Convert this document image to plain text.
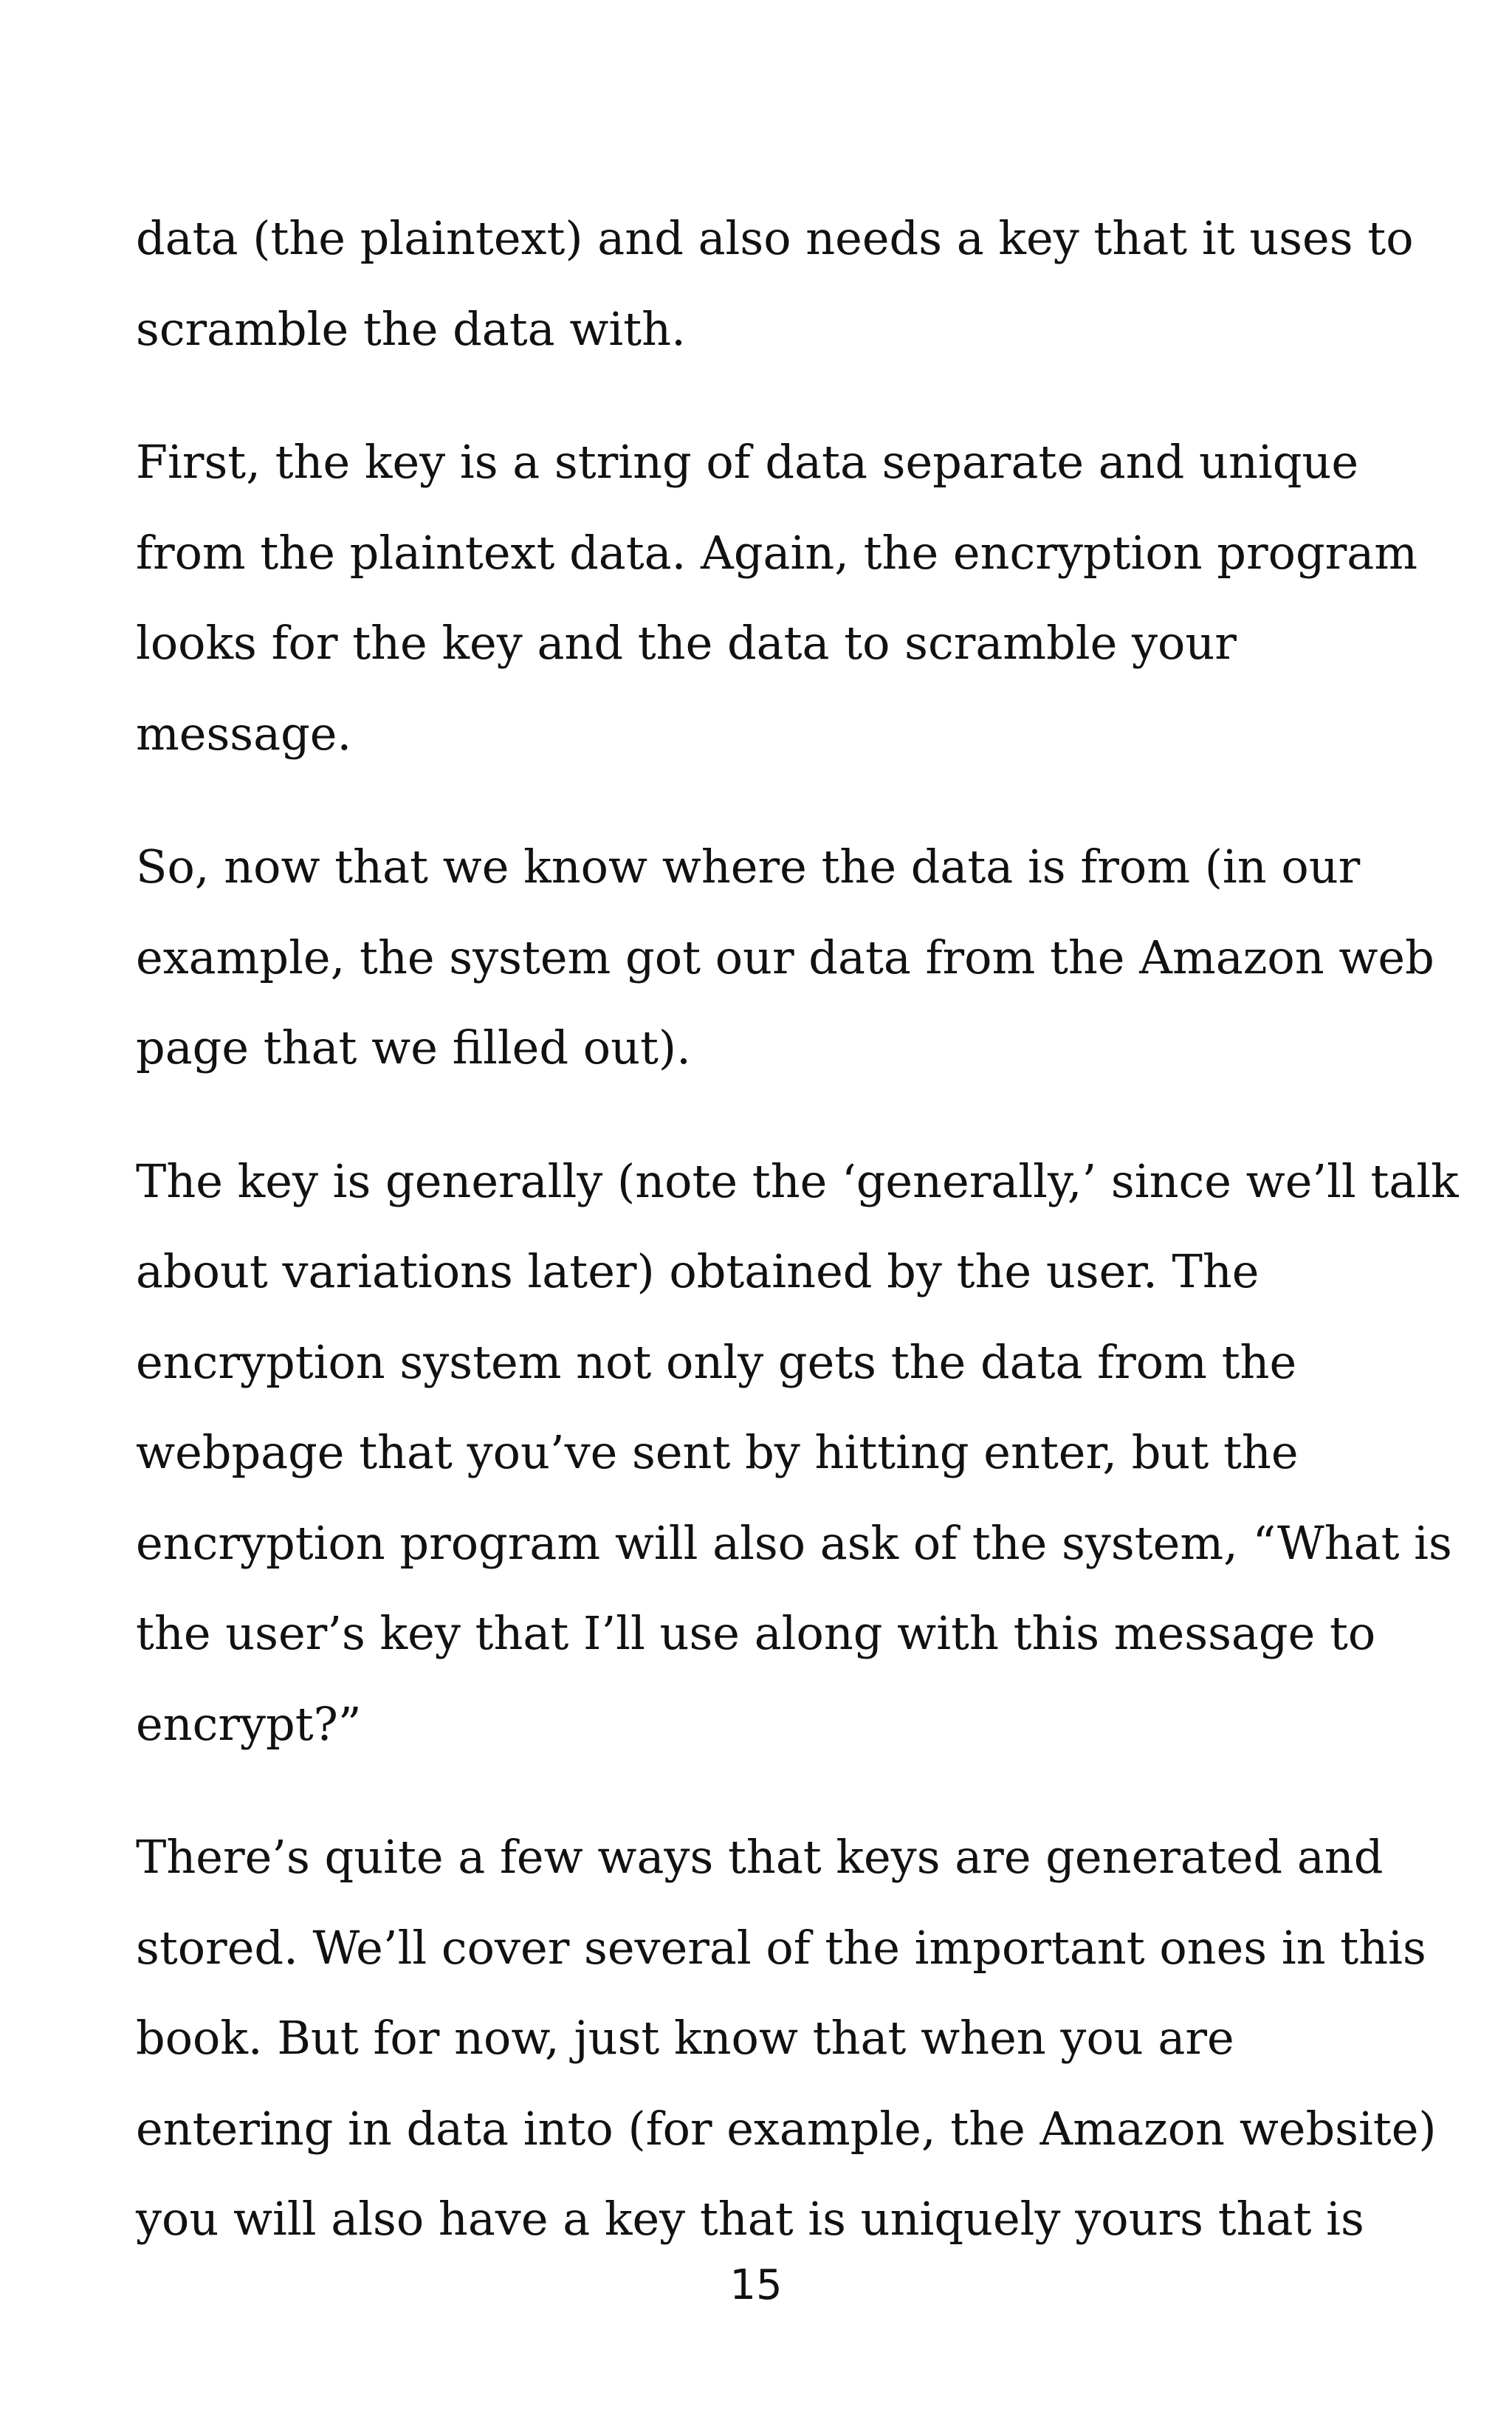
data (the plaintext) and also needs a key that it uses to
scramble the data with.

First, the key is a string of data separate and unique
from the plaintext data. Again, the encryption program
looks for the key and the data to scramble your
message.

So, now that we know where the data is from (in our
example, the system got our data from the Amazon web
page that we filled out).

The key is generally (note the ‘generally,’ since we’ll talk
about variations later) obtained by the user. The
encryption system not only gets the data from the
webpage that you’ve sent by hitting enter, but the
encryption program will also ask of the system, “What is
the user’s key that I’ll use along with this message to
encrypt?”

There’s quite a few ways that keys are generated and
stored. We’ll cover several of the important ones in this
book. But for now, just know that when you are
entering in data into (for example, the Amazon website)
you will also have a key that is uniquely yours that is

15
